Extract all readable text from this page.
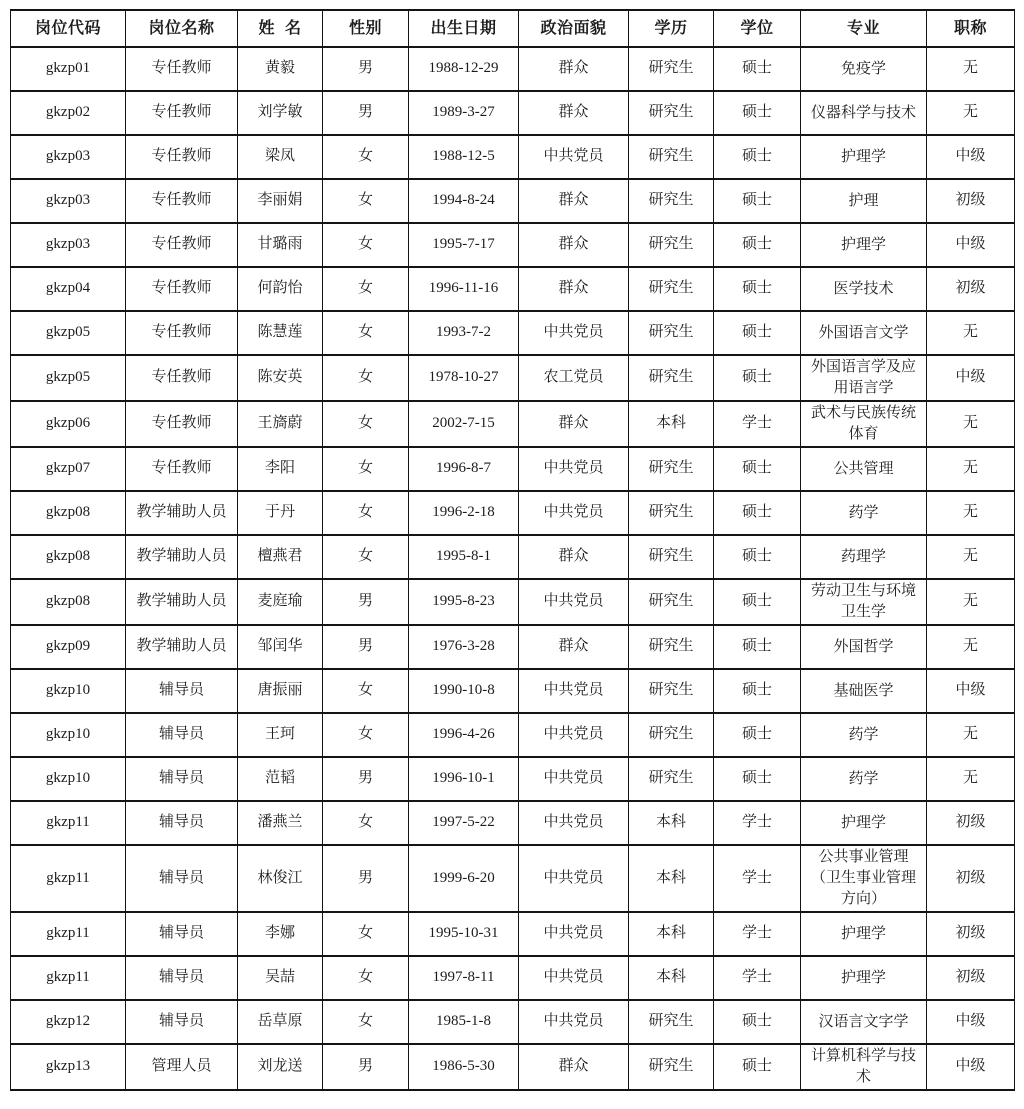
岗位代码	岗位名称	姓  名	性别	出生日期	政治面貌	学历	学位	专业	职称
gkzp01	专任教师	黄毅	男	1988-12-29	群众	研究生	硕士	免疫学	无
gkzp02	专任教师	刘学敏	男	1989-3-27	群众	研究生	硕士	仪器科学与技术	无
gkzp03	专任教师	梁凤	女	1988-12-5	中共党员	研究生	硕士	护理学	中级
gkzp03	专任教师	李丽娟	女	1994-8-24	群众	研究生	硕士	护理	初级
gkzp03	专任教师	甘璐雨	女	1995-7-17	群众	研究生	硕士	护理学	中级
gkzp04	专任教师	何韵怡	女	1996-11-16	群众	研究生	硕士	医学技术	初级
gkzp05	专任教师	陈慧莲	女	1993-7-2	中共党员	研究生	硕士	外国语言文学	无
gkzp05	专任教师	陈安英	女	1978-10-27	农工党员	研究生	硕士	外国语言学及应用语言学	中级
gkzp06	专任教师	王旖蔚	女	2002-7-15	群众	本科	学士	武术与民族传统体育	无
gkzp07	专任教师	李阳	女	1996-8-7	中共党员	研究生	硕士	公共管理	无
gkzp08	教学辅助人员	于丹	女	1996-2-18	中共党员	研究生	硕士	药学	无
gkzp08	教学辅助人员	檀燕君	女	1995-8-1	群众	研究生	硕士	药理学	无
gkzp08	教学辅助人员	麦庭瑜	男	1995-8-23	中共党员	研究生	硕士	劳动卫生与环境卫生学	无
gkzp09	教学辅助人员	邹闰华	男	1976-3-28	群众	研究生	硕士	外国哲学	无
gkzp10	辅导员	唐振丽	女	1990-10-8	中共党员	研究生	硕士	基础医学	中级
gkzp10	辅导员	王珂	女	1996-4-26	中共党员	研究生	硕士	药学	无
gkzp10	辅导员	范韬	男	1996-10-1	中共党员	研究生	硕士	药学	无
gkzp11	辅导员	潘燕兰	女	1997-5-22	中共党员	本科	学士	护理学	初级
gkzp11	辅导员	林俊江	男	1999-6-20	中共党员	本科	学士	公共事业管理（卫生事业管理方向）	初级
gkzp11	辅导员	李娜	女	1995-10-31	中共党员	本科	学士	护理学	初级
gkzp11	辅导员	吴喆	女	1997-8-11	中共党员	本科	学士	护理学	初级
gkzp12	辅导员	岳草原	女	1985-1-8	中共党员	研究生	硕士	汉语言文字学	中级
gkzp13	管理人员	刘龙送	男	1986-5-30	群众	研究生	硕士	计算机科学与技术	中级
